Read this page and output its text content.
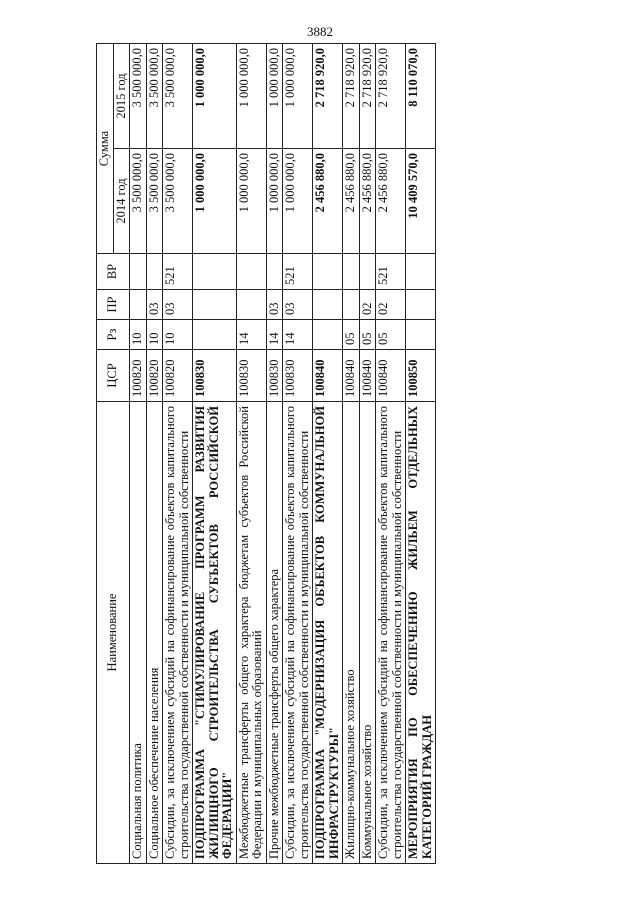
3882
Наименование	ЦСР	Рз	ПР	ВР	Сумма	
					2014 год	2015 год
Социальная политика	100820	10			3 500 000,0	3 500 000,0
Социальное обеспечение населения	100820	10	03		3 500 000,0	3 500 000,0
Субсидии, за исключением субсидий на софинансирование объектов капитального строительства государственной собственности и муниципальной собственности	100820	10	03	521	3 500 000,0	3 500 000,0
ПОДПРОГРАММА "СТИМУЛИРОВАНИЕ ПРОГРАММ РАЗВИТИЯ ЖИЛИЩНОГО СТРОИТЕЛЬСТВА СУБЪЕКТОВ РОССИЙСКОЙ ФЕДЕРАЦИИ"	100830				1 000 000,0	1 000 000,0
Межбюджетные трансферты общего характера бюджетам субъектов Российской Федерации и муниципальных образований	100830	14			1 000 000,0	1 000 000,0
Прочие межбюджетные трансферты общего характера	100830	14	03		1 000 000,0	1 000 000,0
Субсидии, за исключением субсидий на софинансирование объектов капитального строительства государственной собственности и муниципальной собственности	100830	14	03	521	1 000 000,0	1 000 000,0
ПОДПРОГРАММА "МОДЕРНИЗАЦИЯ ОБЪЕКТОВ КОММУНАЛЬНОЙ ИНФРАСТРУКТУРЫ"	100840				2 456 880,0	2 718 920,0
Жилищно-коммунальное хозяйство	100840	05			2 456 880,0	2 718 920,0
Коммунальное хозяйство	100840	05	02		2 456 880,0	2 718 920,0
Субсидии, за исключением субсидий на софинансирование объектов капитального строительства государственной собственности и муниципальной собственности	100840	05	02	521	2 456 880,0	2 718 920,0
МЕРОПРИЯТИЯ ПО ОБЕСПЕЧЕНИЮ ЖИЛЬЕМ ОТДЕЛЬНЫХ КАТЕГОРИЙ ГРАЖДАН	100850				10 409 570,0	8 110 070,0
